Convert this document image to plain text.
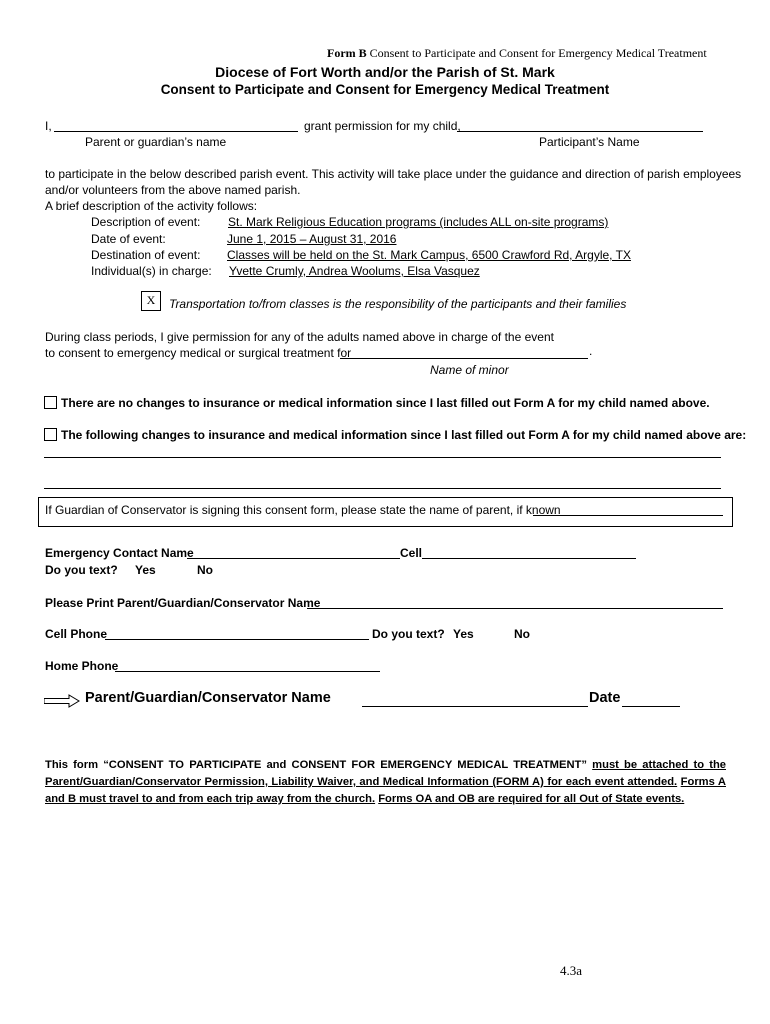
Form B Consent to Participate and Consent for Emergency Medical Treatment
Diocese of Fort Worth and/or the Parish of St. Mark
Consent to Participate and Consent for Emergency Medical Treatment
I,	grant permission for my child,
Parent or guardian’s name	Participant’s Name
to participate in the below described parish event. This activity will take place under the guidance and direction of parish employees
and/or volunteers from the above named parish.
A brief description of the activity follows:
Description of event: St. Mark Religious Education programs (includes ALL on-site programs)
Date of event:	June 1, 2015 – August 31, 2016
Destination of event: Classes will be held on the St. Mark Campus, 6500 Crawford Rd, Argyle, TX
Individual(s) in charge: Yvette Crumly, Andrea Woolums, Elsa Vasquez
X	Transportation to/from classes is the responsibility of the participants and their families
During class periods, I give permission for any of the adults named above in charge of the event
to consent to emergency medical or surgical treatment for	.
Name of minor
There are no changes to insurance or medical information since I last filled out Form A for my child named above.
The following changes to insurance and medical information since I last filled out Form A for my child named above are:
If Guardian of Conservator is signing this consent form, please state the name of parent, if known
Emergency Contact Name	Cell
Do you text? Yes	No
Please Print Parent/Guardian/Conservator Name
Cell Phone	Do you text? Yes	No
Home Phone
Parent/Guardian/Conservator Name	Date
This form “CONSENT TO PARTICIPATE and CONSENT FOR EMERGENCY MEDICAL TREATMENT” must be attached to the Parent/Guardian/Conservator Permission, Liability Waiver, and Medical Information (FORM A) for each event attended. Forms A and B must travel to and from each trip away from the church. Forms OA and OB are required for all Out of State events.
4.3a
